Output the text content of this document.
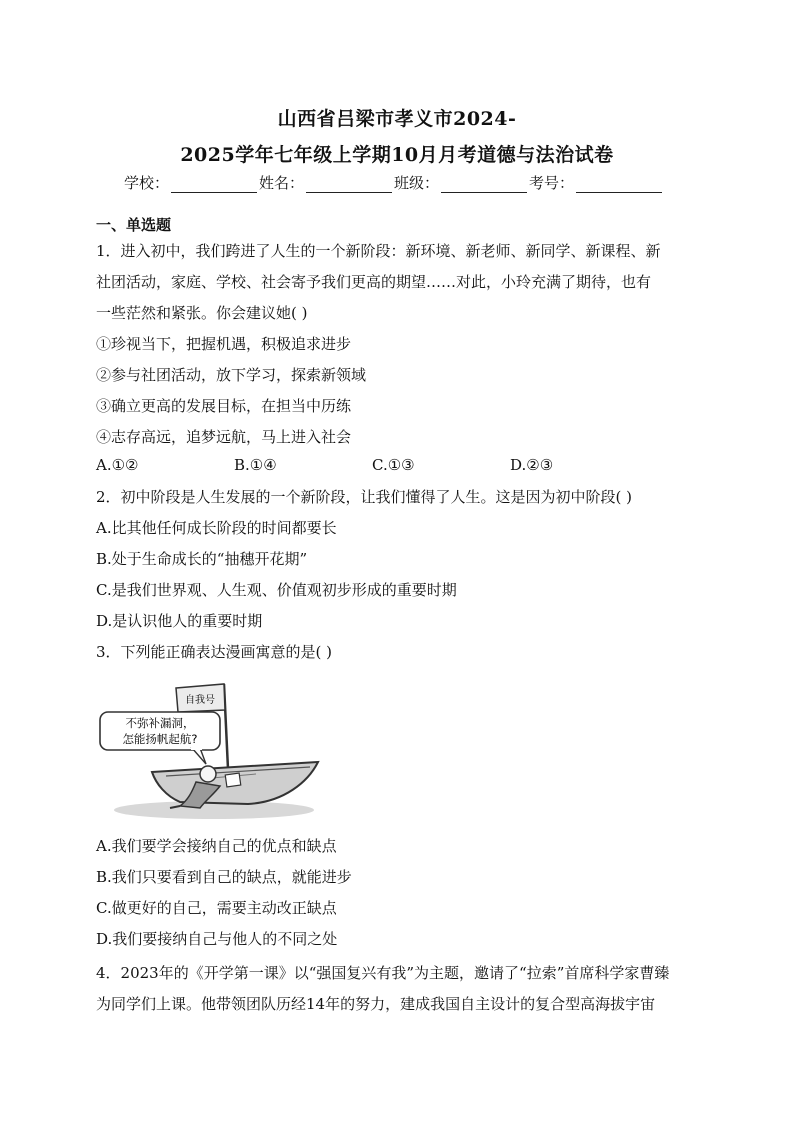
山西省吕梁市孝义市2024-
2025学年七年级上学期10月月考道德与法治试卷
学校：	姓名：	班级：	考号：
一、单选题
1．进入初中，我们跨进了人生的一个新阶段：新环境、新老师、新同学、新课程、新
社团活动，家庭、学校、社会寄予我们更高的期望……对此，小玲充满了期待，也有
一些茫然和紧张。你会建议她( )
①珍视当下，把握机遇，积极追求进步
②参与社团活动，放下学习，探索新领域
③确立更高的发展目标，在担当中历练
④志存高远，追梦远航，马上进入社会
A.①②	B.①④	C.①③	D.②③
2．初中阶段是人生发展的一个新阶段，让我们懂得了人生。这是因为初中阶段( )
A.比其他任何成长阶段的时间都要长
B.处于生命成长的“抽穗开花期”
C.是我们世界观、人生观、价值观初步形成的重要时期
D.是认识他人的重要时期
3．下列能正确表达漫画寓意的是( )
自我号
不弥补漏洞，
怎能扬帆起航?
A.我们要学会接纳自己的优点和缺点
B.我们只要看到自己的缺点，就能进步
C.做更好的自己，需要主动改正缺点
D.我们要接纳自己与他人的不同之处
4．2023年的《开学第一课》以“强国复兴有我”为主题，邀请了“拉索”首席科学家曹臻
为同学们上课。他带领团队历经14年的努力，建成我国自主设计的复合型高海拔宇宙
